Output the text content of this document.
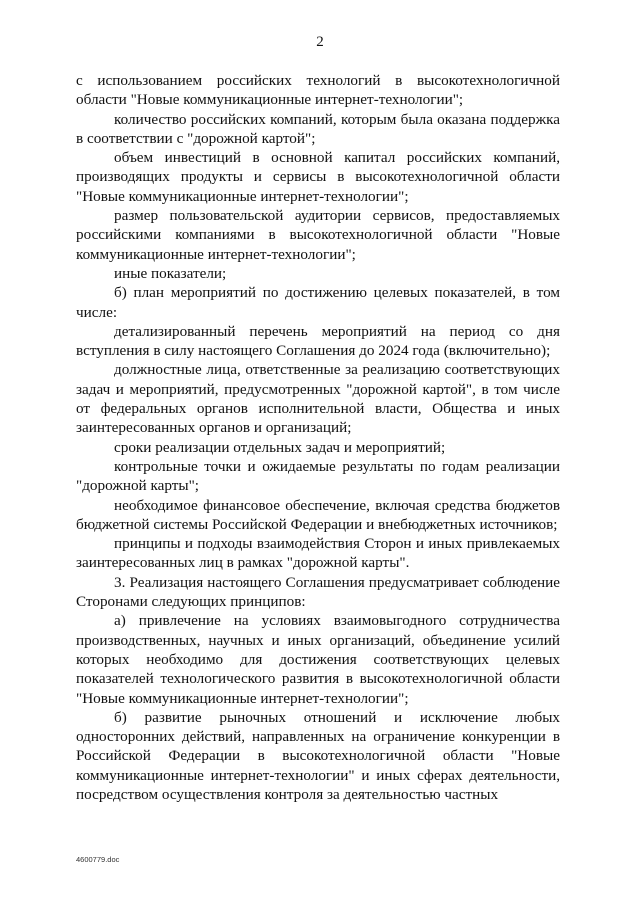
2

с использованием российских технологий в высокотехнологичной области "Новые коммуникационные интернет-технологии";

количество российских компаний, которым была оказана поддержка в соответствии с "дорожной картой";

объем инвестиций в основной капитал российских компаний, производящих продукты и сервисы в высокотехнологичной области "Новые коммуникационные интернет-технологии";

размер пользовательской аудитории сервисов, предоставляемых российскими компаниями в высокотехнологичной области "Новые коммуникационные интернет-технологии";

иные показатели;

б) план мероприятий по достижению целевых показателей, в том числе:

детализированный перечень мероприятий на период со дня вступления в силу настоящего Соглашения до 2024 года (включительно);

должностные лица, ответственные за реализацию соответствующих задач и мероприятий, предусмотренных "дорожной картой", в том числе от федеральных органов исполнительной власти, Общества и иных заинтересованных органов и организаций;

сроки реализации отдельных задач и мероприятий;

контрольные точки и ожидаемые результаты по годам реализации "дорожной карты";

необходимое финансовое обеспечение, включая средства бюджетов бюджетной системы Российской Федерации и внебюджетных источников;

принципы и подходы взаимодействия Сторон и иных привлекаемых заинтересованных лиц в рамках "дорожной карты".

3. Реализация настоящего Соглашения предусматривает соблюдение Сторонами следующих принципов:

а) привлечение на условиях взаимовыгодного сотрудничества производственных, научных и иных организаций, объединение усилий которых необходимо для достижения соответствующих целевых показателей технологического развития в высокотехнологичной области "Новые коммуникационные интернет-технологии";

б) развитие рыночных отношений и исключение любых односторонних действий, направленных на ограничение конкуренции в Российской Федерации в высокотехнологичной области "Новые коммуникационные интернет-технологии" и иных сферах деятельности, посредством осуществления контроля за деятельностью частных

4600779.doc
